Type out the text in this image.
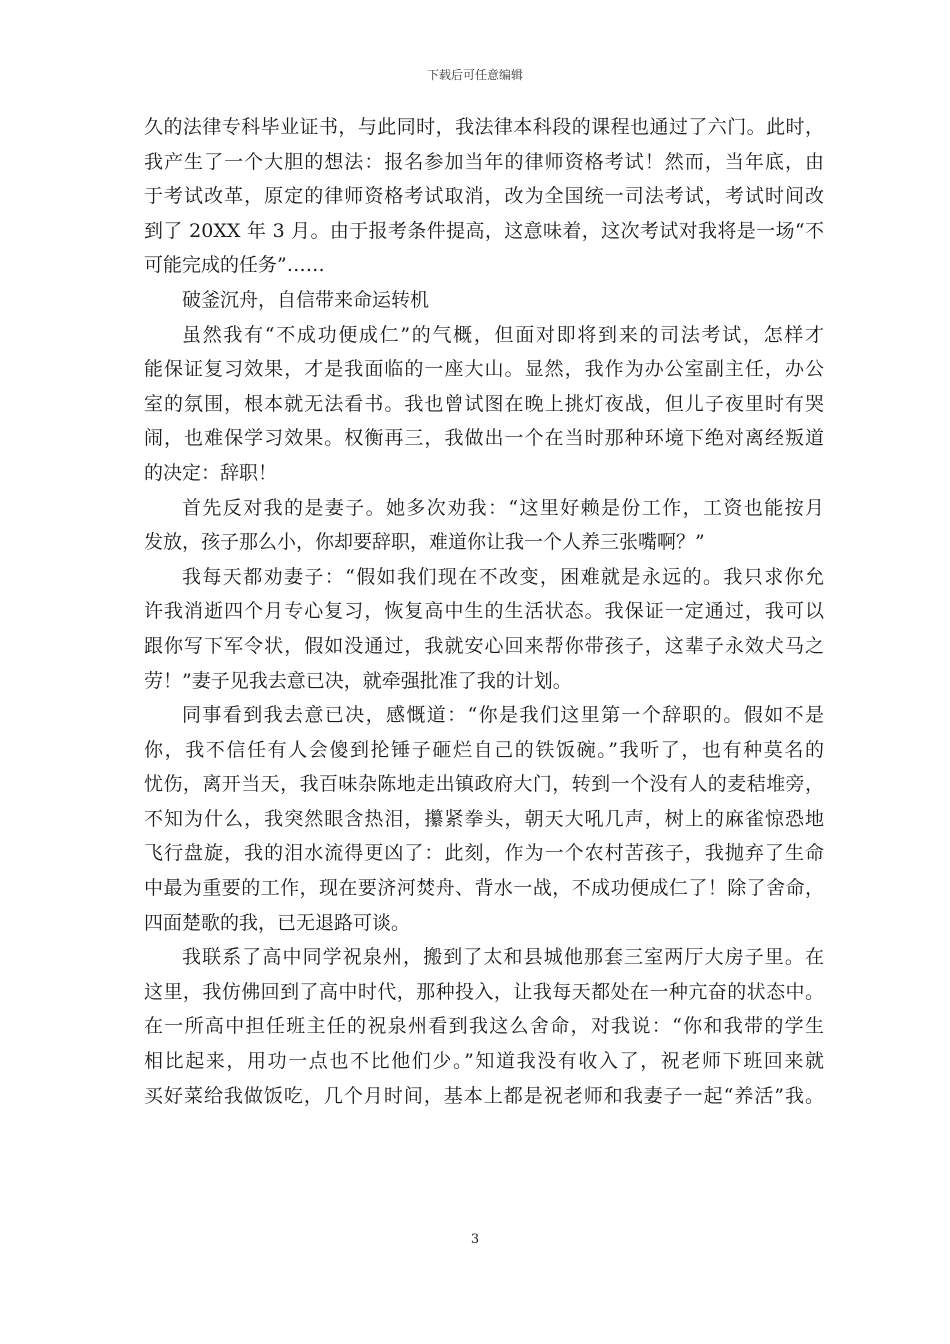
下载后可任意编辑
久的法律专科毕业证书，与此同时，我法律本科段的课程也通过了六门。此时，
我产生了一个大胆的想法：报名参加当年的律师资格考试！然而，当年底，由
于考试改革，原定的律师资格考试取消，改为全国统一司法考试，考试时间改
到了 20XX 年 3 月。由于报考条件提高，这意味着，这次考试对我将是一场“不
可能完成的任务”……
破釜沉舟，自信带来命运转机
虽然我有“不成功便成仁”的气概，但面对即将到来的司法考试，怎样才
能保证复习效果，才是我面临的一座大山。显然，我作为办公室副主任，办公
室的氛围，根本就无法看书。我也曾试图在晚上挑灯夜战，但儿子夜里时有哭
闹，也难保学习效果。权衡再三，我做出一个在当时那种环境下绝对离经叛道
的决定：辞职！
首先反对我的是妻子。她多次劝我：“这里好赖是份工作，工资也能按月
发放，孩子那么小，你却要辞职，难道你让我一个人养三张嘴啊？”
我每天都劝妻子：“假如我们现在不改变，困难就是永远的。我只求你允
许我消逝四个月专心复习，恢复高中生的生活状态。我保证一定通过，我可以
跟你写下军令状，假如没通过，我就安心回来帮你带孩子，这辈子永效犬马之
劳！”妻子见我去意已决，就牵强批准了我的计划。
同事看到我去意已决，感慨道：“你是我们这里第一个辞职的。假如不是
你，我不信任有人会傻到抡锤子砸烂自己的铁饭碗。”我听了，也有种莫名的
忧伤，离开当天，我百味杂陈地走出镇政府大门，转到一个没有人的麦秸堆旁，
不知为什么，我突然眼含热泪，攥紧拳头，朝天大吼几声，树上的麻雀惊恐地
飞行盘旋，我的泪水流得更凶了：此刻，作为一个农村苦孩子，我抛弃了生命
中最为重要的工作，现在要济河焚舟、背水一战，不成功便成仁了！除了舍命，
四面楚歌的我，已无退路可谈。
我联系了高中同学祝泉州，搬到了太和县城他那套三室两厅大房子里。在
这里，我仿佛回到了高中时代，那种投入，让我每天都处在一种亢奋的状态中。
在一所高中担任班主任的祝泉州看到我这么舍命，对我说：“你和我带的学生
相比起来，用功一点也不比他们少。”知道我没有收入了，祝老师下班回来就
买好菜给我做饭吃，几个月时间，基本上都是祝老师和我妻子一起“养活”我。
3
